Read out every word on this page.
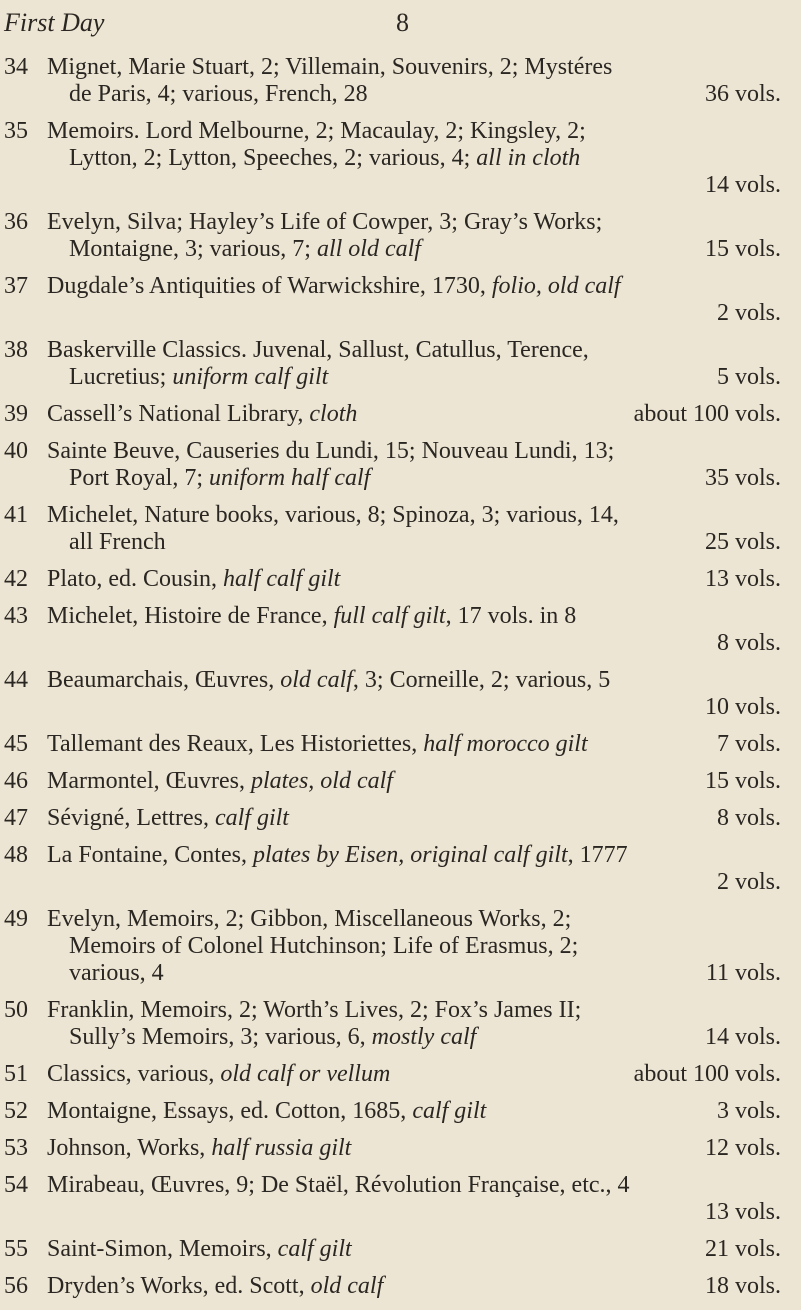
First Day	8
34 Mignet, Marie Stuart, 2; Villemain, Souvenirs, 2; Mystéres
de Paris, 4; various, French, 28	36 vols.
35 Memoirs. Lord Melbourne, 2; Macaulay, 2; Kingsley, 2;
Lytton, 2; Lytton, Speeches, 2; various, 4; all in cloth
14 vols.
36 Evelyn, Silva; Hayley’s Life of Cowper, 3; Gray’s Works;
Montaigne, 3; various, 7; all old calf	15 vols.
37 Dugdale’s Antiquities of Warwickshire, 1730, folio, old calf
2 vols.
38 Baskerville Classics. Juvenal, Sallust, Catullus, Terence,
Lucretius; uniform calf gilt	5 vols.
39 Cassell’s National Library, cloth	about 100 vols.
40 Sainte Beuve, Causeries du Lundi, 15; Nouveau Lundi, 13;
Port Royal, 7; uniform half calf	35 vols.
41 Michelet, Nature books, various, 8; Spinoza, 3; various, 14,
all French	25 vols.
42 Plato, ed. Cousin, half calf gilt	13 vols.
43 Michelet, Histoire de France, full calf gilt, 17 vols. in 8
8 vols.
44 Beaumarchais, Œuvres, old calf, 3; Corneille, 2; various, 5
10 vols.
45 Tallemant des Reaux, Les Historiettes, half morocco gilt	7 vols.
46 Marmontel, Œuvres, plates, old calf	15 vols.
47 Sévigné, Lettres, calf gilt	8 vols.
48 La Fontaine, Contes, plates by Eisen, original calf gilt, 1777
2 vols.
49 Evelyn, Memoirs, 2; Gibbon, Miscellaneous Works, 2;
Memoirs of Colonel Hutchinson; Life of Erasmus, 2;
various, 4	11 vols.
50 Franklin, Memoirs, 2; Worth’s Lives, 2; Fox’s James II;
Sully’s Memoirs, 3; various, 6, mostly calf	14 vols.
51 Classics, various, old calf or vellum	about 100 vols.
52 Montaigne, Essays, ed. Cotton, 1685, calf gilt	3 vols.
53 Johnson, Works, half russia gilt	12 vols.
54 Mirabeau, Œuvres, 9; De Staël, Révolution Française, etc., 4
13 vols.
55 Saint-Simon, Memoirs, calf gilt	21 vols.
56 Dryden’s Works, ed. Scott, old calf	18 vols.
